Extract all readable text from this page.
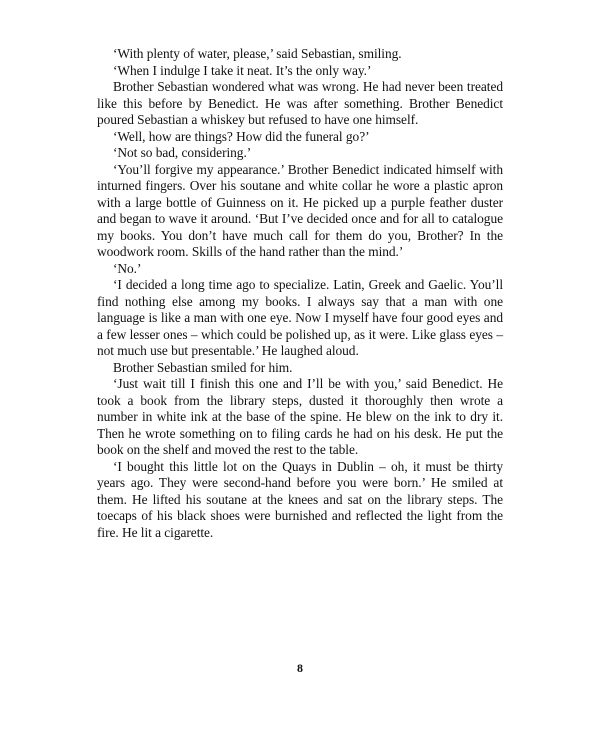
‘With plenty of water, please,’ said Sebastian, smiling.

‘When I indulge I take it neat. It’s the only way.’

Brother Sebastian wondered what was wrong. He had never been treated like this before by Benedict. He was after something. Brother Benedict poured Sebastian a whiskey but refused to have one himself.

‘Well, how are things? How did the funeral go?’

‘Not so bad, considering.’

‘You’ll forgive my appearance.’ Brother Benedict indicated himself with inturned fingers. Over his soutane and white collar he wore a plastic apron with a large bottle of Guinness on it. He picked up a purple feather duster and began to wave it around. ‘But I’ve decided once and for all to catalogue my books. You don’t have much call for them do you, Brother? In the woodwork room. Skills of the hand rather than the mind.’

‘No.’

‘I decided a long time ago to specialize. Latin, Greek and Gaelic. You’ll find nothing else among my books. I always say that a man with one language is like a man with one eye. Now I myself have four good eyes and a few lesser ones – which could be polished up, as it were. Like glass eyes – not much use but presentable.’ He laughed aloud.

Brother Sebastian smiled for him.

‘Just wait till I finish this one and I’ll be with you,’ said Benedict. He took a book from the library steps, dusted it thoroughly then wrote a number in white ink at the base of the spine. He blew on the ink to dry it. Then he wrote something on to filing cards he had on his desk. He put the book on the shelf and moved the rest to the table.

‘I bought this little lot on the Quays in Dublin – oh, it must be thirty years ago. They were second-hand before you were born.’ He smiled at them. He lifted his soutane at the knees and sat on the library steps. The toecaps of his black shoes were burnished and reflected the light from the fire. He lit a cigarette.

8
